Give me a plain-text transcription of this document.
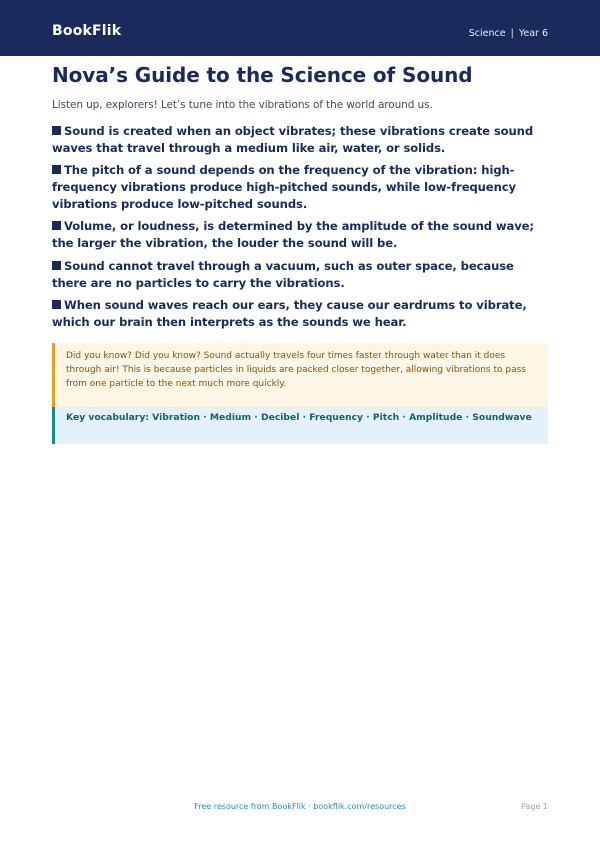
BookFlik	Science | Year 6
Nova’s Guide to the Science of Sound

Listen up, explorers! Let’s tune into the vibrations of the world around us.

Sound is created when an object vibrates; these vibrations create sound waves that travel through a medium like air, water, or solids.
The pitch of a sound depends on the frequency of the vibration: high-frequency vibrations produce high-pitched sounds, while low-frequency vibrations produce low-pitched sounds.
Volume, or loudness, is determined by the amplitude of the sound wave; the larger the vibration, the louder the sound will be.
Sound cannot travel through a vacuum, such as outer space, because there are no particles to carry the vibrations.
When sound waves reach our ears, they cause our eardrums to vibrate, which our brain then interprets as the sounds we hear.
Did you know? Did you know? Sound actually travels four times faster through water than it does through air! This is because particles in liquids are packed closer together, allowing vibrations to pass from one particle to the next much more quickly.
Key vocabulary: Vibration · Medium · Decibel · Frequency · Pitch · Amplitude · Soundwave
Free resource from BookFlik · bookflik.com/resources	Page 1
